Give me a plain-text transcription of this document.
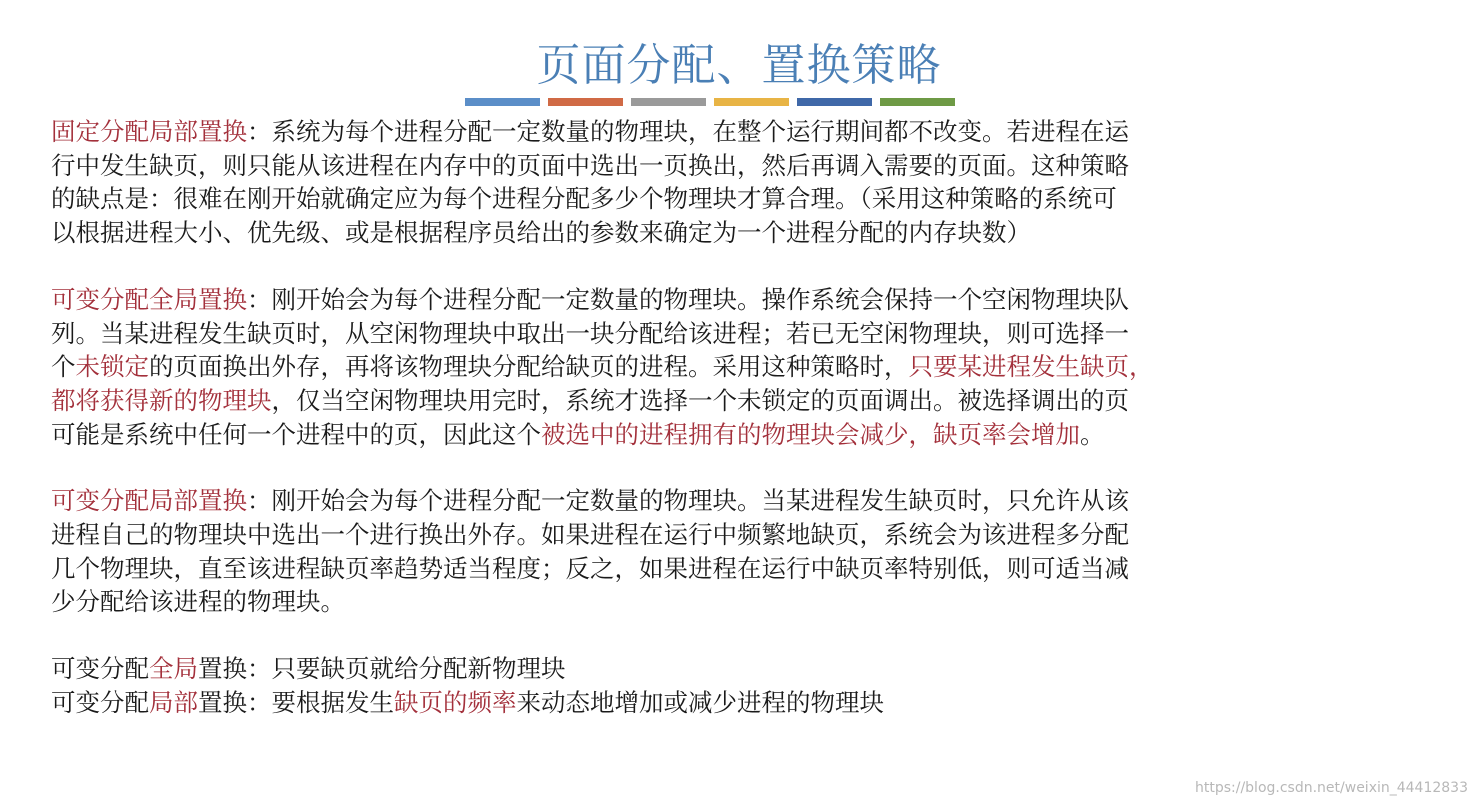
页面分配、置换策略
固定分配局部置换：系统为每个进程分配一定数量的物理块，在整个运行期间都不改变。若进程在运
行中发生缺页，则只能从该进程在内存中的页面中选出一页换出，然后再调入需要的页面。这种策略
的缺点是：很难在刚开始就确定应为每个进程分配多少个物理块才算合理。（采用这种策略的系统可
以根据进程大小、优先级、或是根据程序员给出的参数来确定为一个进程分配的内存块数）
可变分配全局置换：刚开始会为每个进程分配一定数量的物理块。操作系统会保持一个空闲物理块队
列。当某进程发生缺页时，从空闲物理块中取出一块分配给该进程；若已无空闲物理块，则可选择一
个未锁定的页面换出外存，再将该物理块分配给缺页的进程。采用这种策略时，只要某进程发生缺页，
都将获得新的物理块，仅当空闲物理块用完时，系统才选择一个未锁定的页面调出。被选择调出的页
可能是系统中任何一个进程中的页，因此这个被选中的进程拥有的物理块会减少，缺页率会增加。
可变分配局部置换：刚开始会为每个进程分配一定数量的物理块。当某进程发生缺页时，只允许从该
进程自己的物理块中选出一个进行换出外存。如果进程在运行中频繁地缺页，系统会为该进程多分配
几个物理块，直至该进程缺页率趋势适当程度；反之，如果进程在运行中缺页率特别低，则可适当减
少分配给该进程的物理块。
可变分配全局置换：只要缺页就给分配新物理块
可变分配局部置换：要根据发生缺页的频率来动态地增加或减少进程的物理块
https://blog.csdn.net/weixin_44412833
